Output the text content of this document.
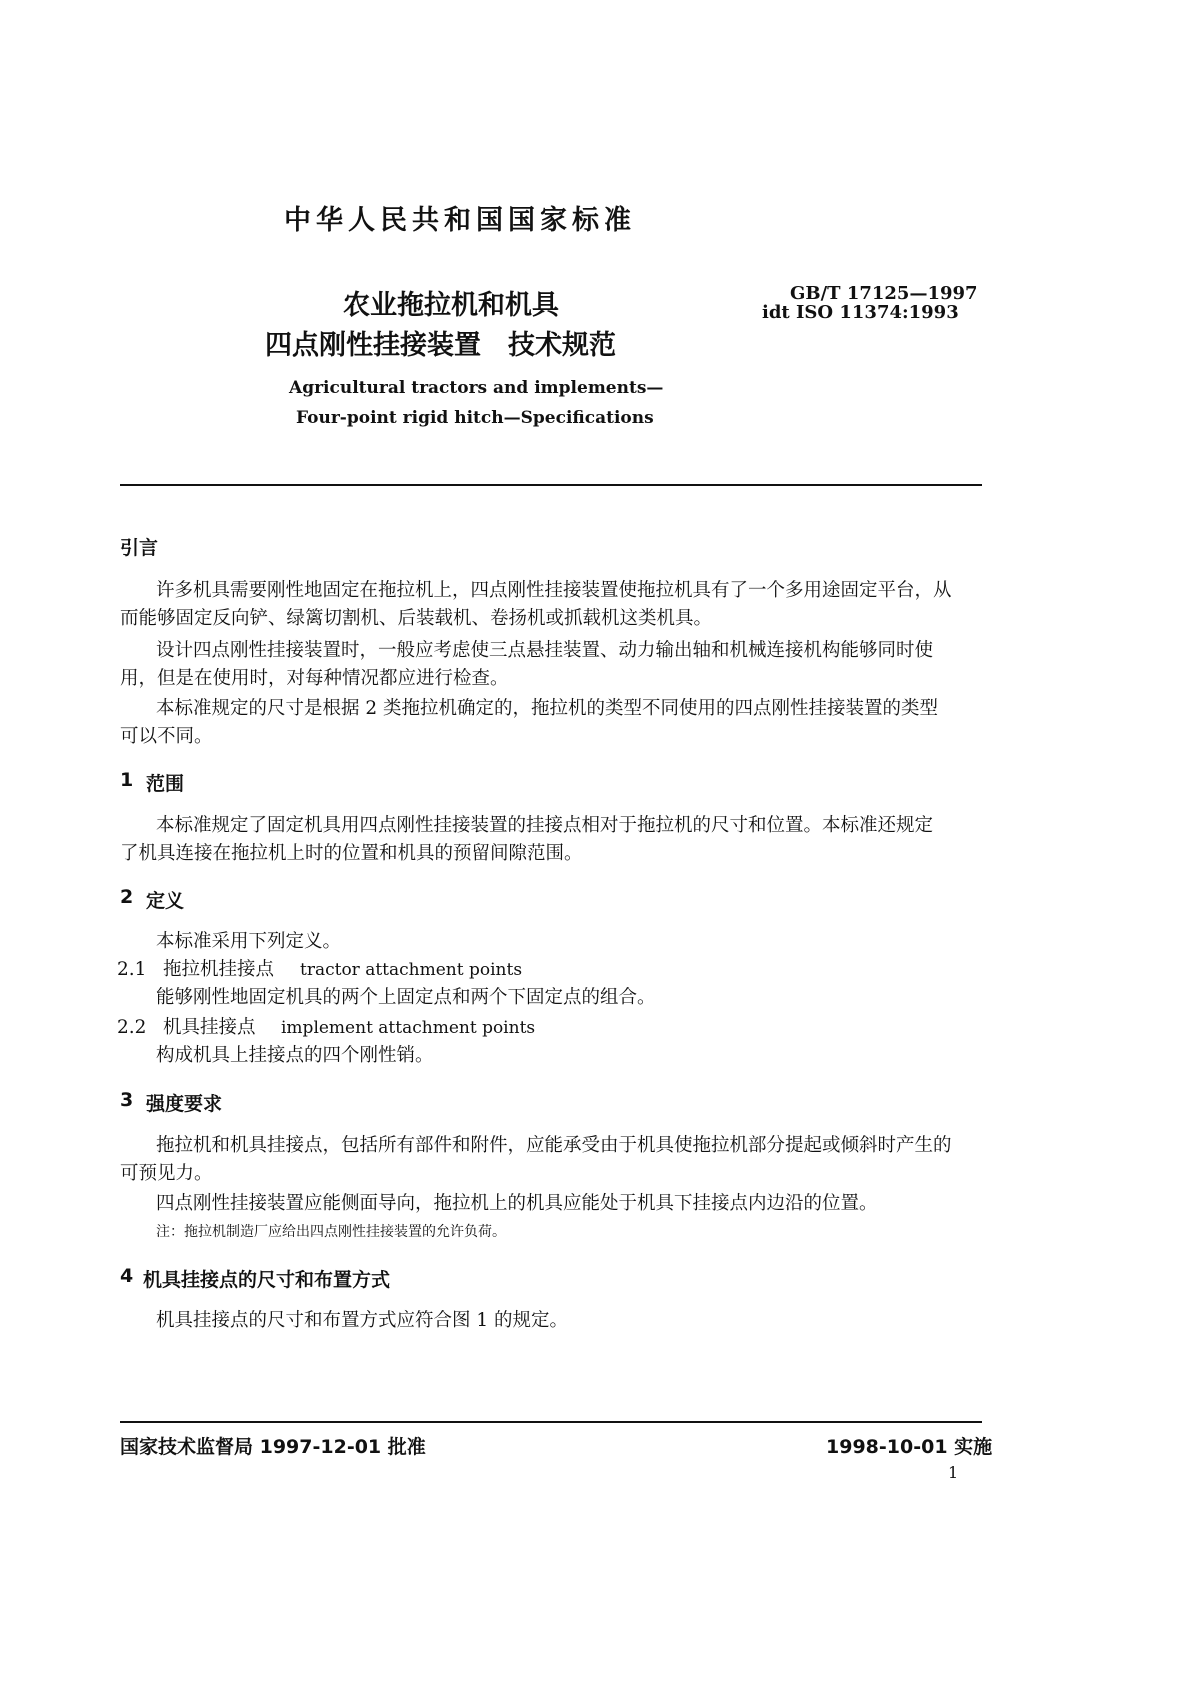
中华人民共和国国家标准
农业拖拉机和机具
四点刚性挂接装置　技术规范
GB/T 17125—1997
idt ISO 11374:1993
Agricultural tractors and implements—
Four-point rigid hitch—Specifications
引言
许多机具需要刚性地固定在拖拉机上，四点刚性挂接装置使拖拉机具有了一个多用途固定平台，从
而能够固定反向铲、绿篱切割机、后装载机、卷扬机或抓载机这类机具。
设计四点刚性挂接装置时，一般应考虑使三点悬挂装置、动力输出轴和机械连接机构能够同时使
用，但是在使用时，对每种情况都应进行检查。
本标准规定的尺寸是根据 2 类拖拉机确定的，拖拉机的类型不同使用的四点刚性挂接装置的类型
可以不同。
1 范围
本标准规定了固定机具用四点刚性挂接装置的挂接点相对于拖拉机的尺寸和位置。本标准还规定
了机具连接在拖拉机上时的位置和机具的预留间隙范围。
2 定义
本标准采用下列定义。
2.1 拖拉机挂接点 tractor attachment points
能够刚性地固定机具的两个上固定点和两个下固定点的组合。
2.2 机具挂接点 implement attachment points
构成机具上挂接点的四个刚性销。
3 强度要求
拖拉机和机具挂接点，包括所有部件和附件，应能承受由于机具使拖拉机部分提起或倾斜时产生的
可预见力。
四点刚性挂接装置应能侧面导向，拖拉机上的机具应能处于机具下挂接点内边沿的位置。
注：拖拉机制造厂应给出四点刚性挂接装置的允许负荷。
4 机具挂接点的尺寸和布置方式
机具挂接点的尺寸和布置方式应符合图 1 的规定。
国家技术监督局 1997-12-01 批准	1998-10-01 实施
1
